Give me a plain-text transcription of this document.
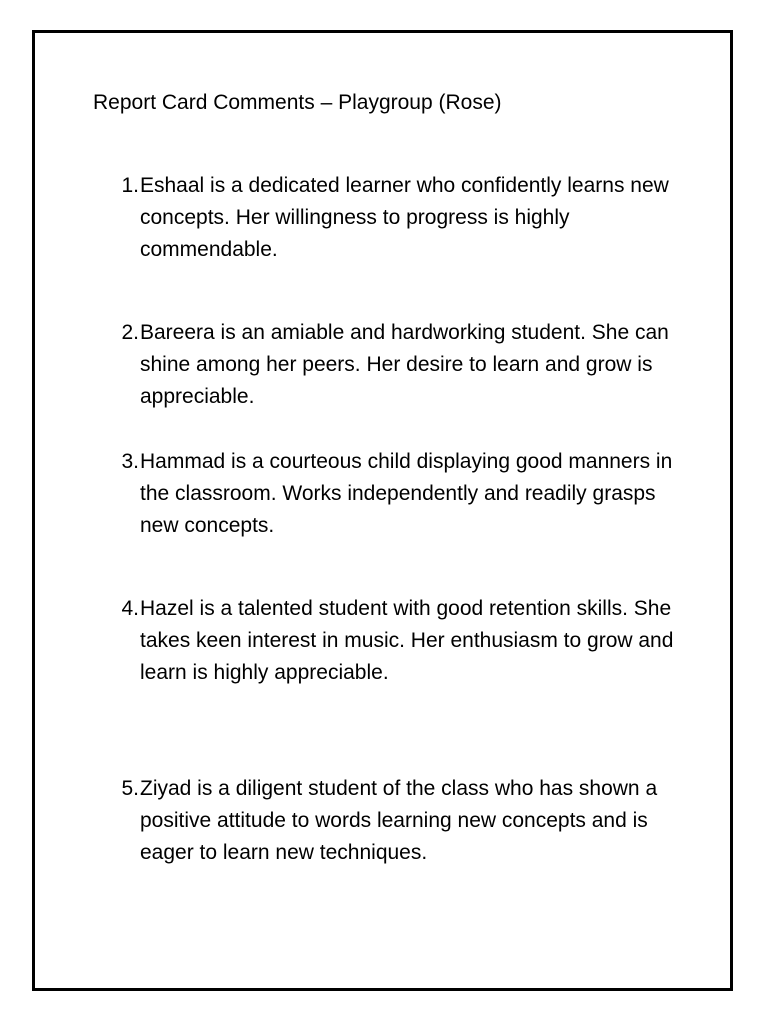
Report Card Comments – Playgroup (Rose)
1. Eshaal is a dedicated learner who confidently learns new concepts. Her willingness to progress is highly commendable.
2. Bareera is an amiable and hardworking student. She can shine among her peers. Her desire to learn and grow is appreciable.
3. Hammad is a courteous child displaying good manners in the classroom. Works independently and readily grasps new concepts.
4. Hazel is a talented student with good retention skills. She takes keen interest in music. Her enthusiasm to grow and learn is highly appreciable.
5. Ziyad is a diligent student of the class who has shown a positive attitude to words learning new concepts and is eager to learn new techniques.
